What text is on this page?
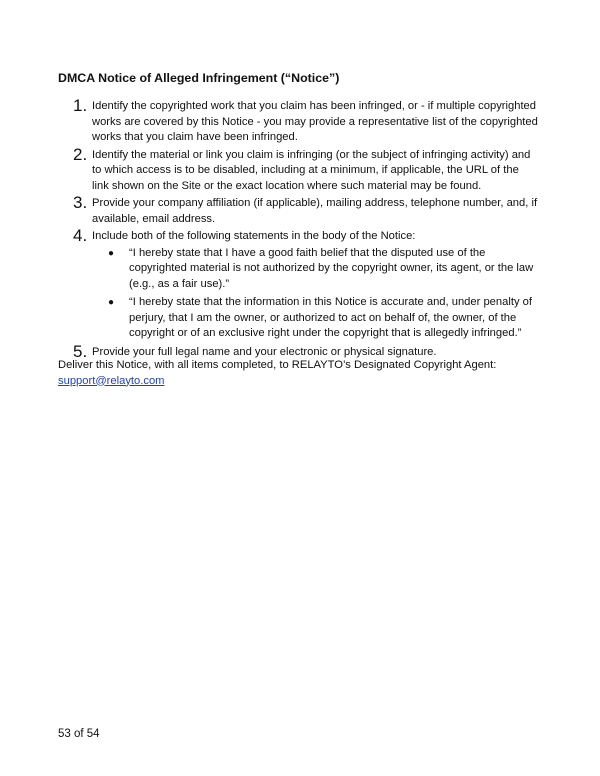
DMCA Notice of Alleged Infringement (“Notice”)
1. Identify the copyrighted work that you claim has been infringed, or - if multiple copyrighted works are covered by this Notice - you may provide a representative list of the copyrighted works that you claim have been infringed.
2. Identify the material or link you claim is infringing (or the subject of infringing activity) and to which access is to be disabled, including at a minimum, if applicable, the URL of the link shown on the Site or the exact location where such material may be found.
3. Provide your company affiliation (if applicable), mailing address, telephone number, and, if available, email address.
4. Include both of the following statements in the body of the Notice:
● “I hereby state that I have a good faith belief that the disputed use of the copyrighted material is not authorized by the copyright owner, its agent, or the law (e.g., as a fair use).”
● “I hereby state that the information in this Notice is accurate and, under penalty of perjury, that I am the owner, or authorized to act on behalf of, the owner, of the copyright or of an exclusive right under the copyright that is allegedly infringed.”
5. Provide your full legal name and your electronic or physical signature.
Deliver this Notice, with all items completed, to RELAYTO’s Designated Copyright Agent:
support@relayto.com
53 of 54
